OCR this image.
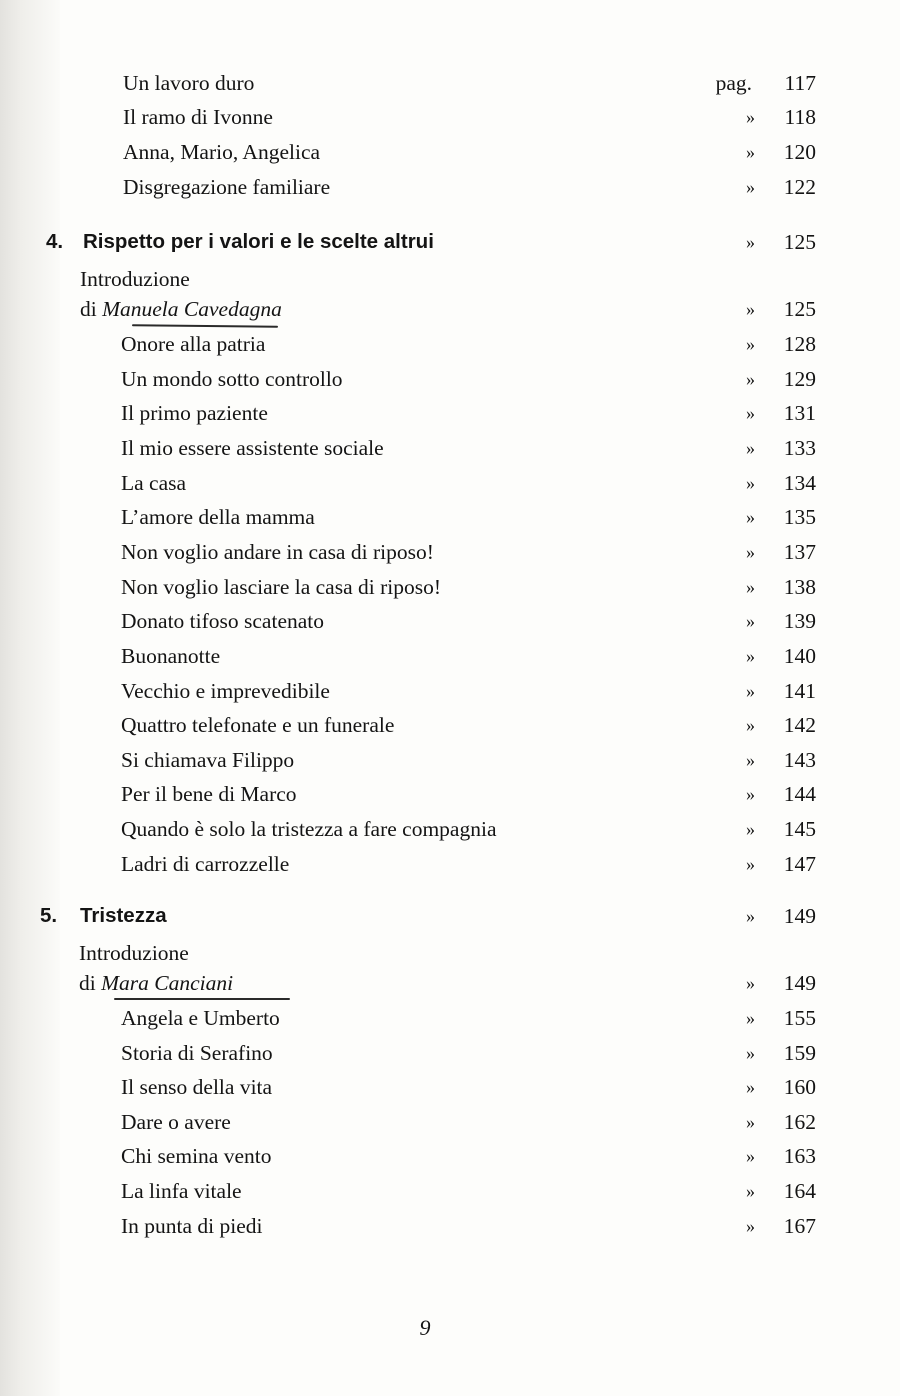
Un lavoro duro	pag.	117
Il ramo di Ivonne	»	118
Anna, Mario, Angelica	»	120
Disgregazione familiare	»	122
4. Rispetto per i valori e le scelte altrui	»	125
Introduzione
di Manuela Cavedagna	»	125
Onore alla patria	»	128
Un mondo sotto controllo	»	129
Il primo paziente	»	131
Il mio essere assistente sociale	»	133
La casa	»	134
L’amore della mamma	»	135
Non voglio andare in casa di riposo!	»	137
Non voglio lasciare la casa di riposo!	»	138
Donato tifoso scatenato	»	139
Buonanotte	»	140
Vecchio e imprevedibile	»	141
Quattro telefonate e un funerale	»	142
Si chiamava Filippo	»	143
Per il bene di Marco	»	144
Quando è solo la tristezza a fare compagnia	»	145
Ladri di carrozzelle	»	147
5. Tristezza	»	149
Introduzione
di Mara Canciani	»	149
Angela e Umberto	»	155
Storia di Serafino	»	159
Il senso della vita	»	160
Dare o avere	»	162
Chi semina vento	»	163
La linfa vitale	»	164
In punta di piedi	»	167
9
